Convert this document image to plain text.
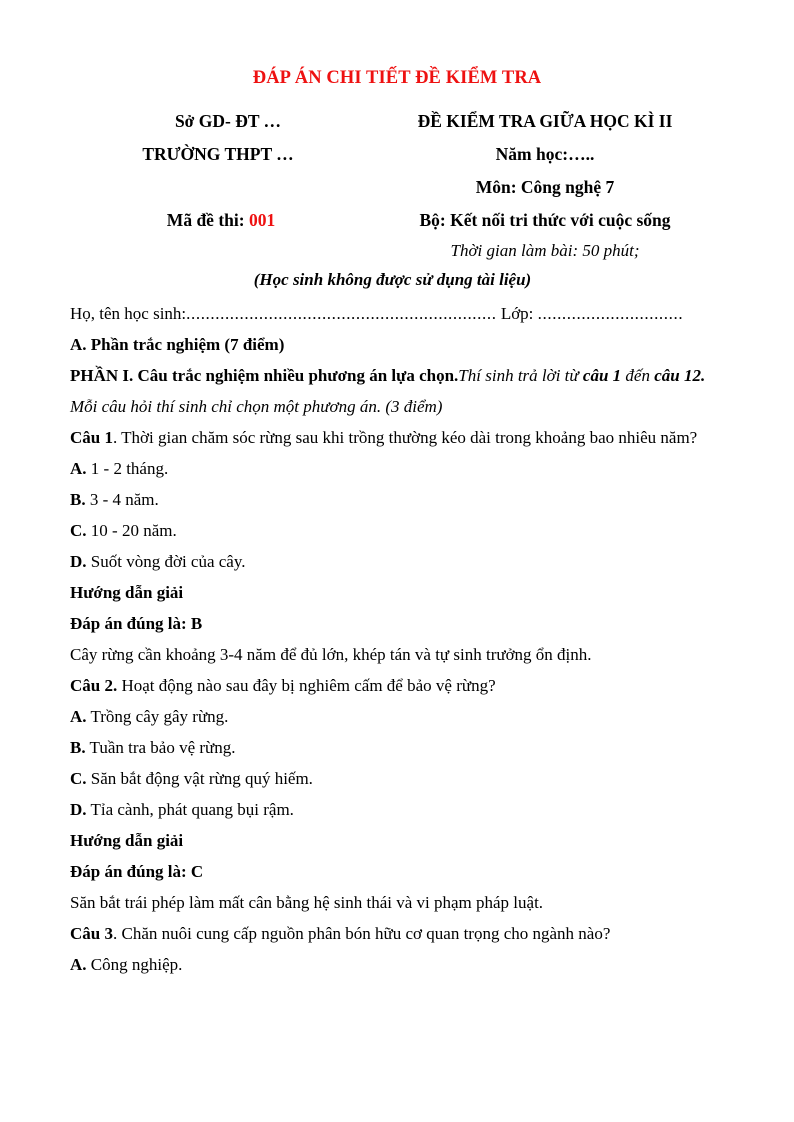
ĐÁP ÁN CHI TIẾT ĐỀ KIỂM TRA
Sở GD- ĐT …
TRƯỜNG THPT …
Mã đề thi: 001
ĐỀ KIỂM TRA GIỮA HỌC KÌ II
Năm học:…..
Môn: Công nghệ 7
Bộ: Kết nối tri thức với cuộc sống
Thời gian làm bài: 50 phút;
(Học sinh không được sử dụng tài liệu)

Họ, tên học sinh:................................................................ Lớp: ..............................

A. Phần trắc nghiệm (7 điểm)

PHẦN I. Câu trắc nghiệm nhiều phương án lựa chọn.Thí sinh trả lời từ câu 1 đến câu 12. Mỗi câu hỏi thí sinh chỉ chọn một phương án. (3 điểm)

Câu 1. Thời gian chăm sóc rừng sau khi trồng thường kéo dài trong khoảng bao nhiêu năm?

A. 1 - 2 tháng.

B. 3 - 4 năm.

C. 10 - 20 năm.

D. Suốt vòng đời của cây.

Hướng dẫn giải

Đáp án đúng là: B

Cây rừng cần khoảng 3-4 năm để đủ lớn, khép tán và tự sinh trưởng ổn định.

Câu 2. Hoạt động nào sau đây bị nghiêm cấm để bảo vệ rừng?

A. Trồng cây gây rừng.

B. Tuần tra bảo vệ rừng.

C. Săn bắt động vật rừng quý hiếm.

D. Tỉa cành, phát quang bụi rậm.

Hướng dẫn giải

Đáp án đúng là: C

Săn bắt trái phép làm mất cân bằng hệ sinh thái và vi phạm pháp luật.

Câu 3. Chăn nuôi cung cấp nguồn phân bón hữu cơ quan trọng cho ngành nào?

A. Công nghiệp.
